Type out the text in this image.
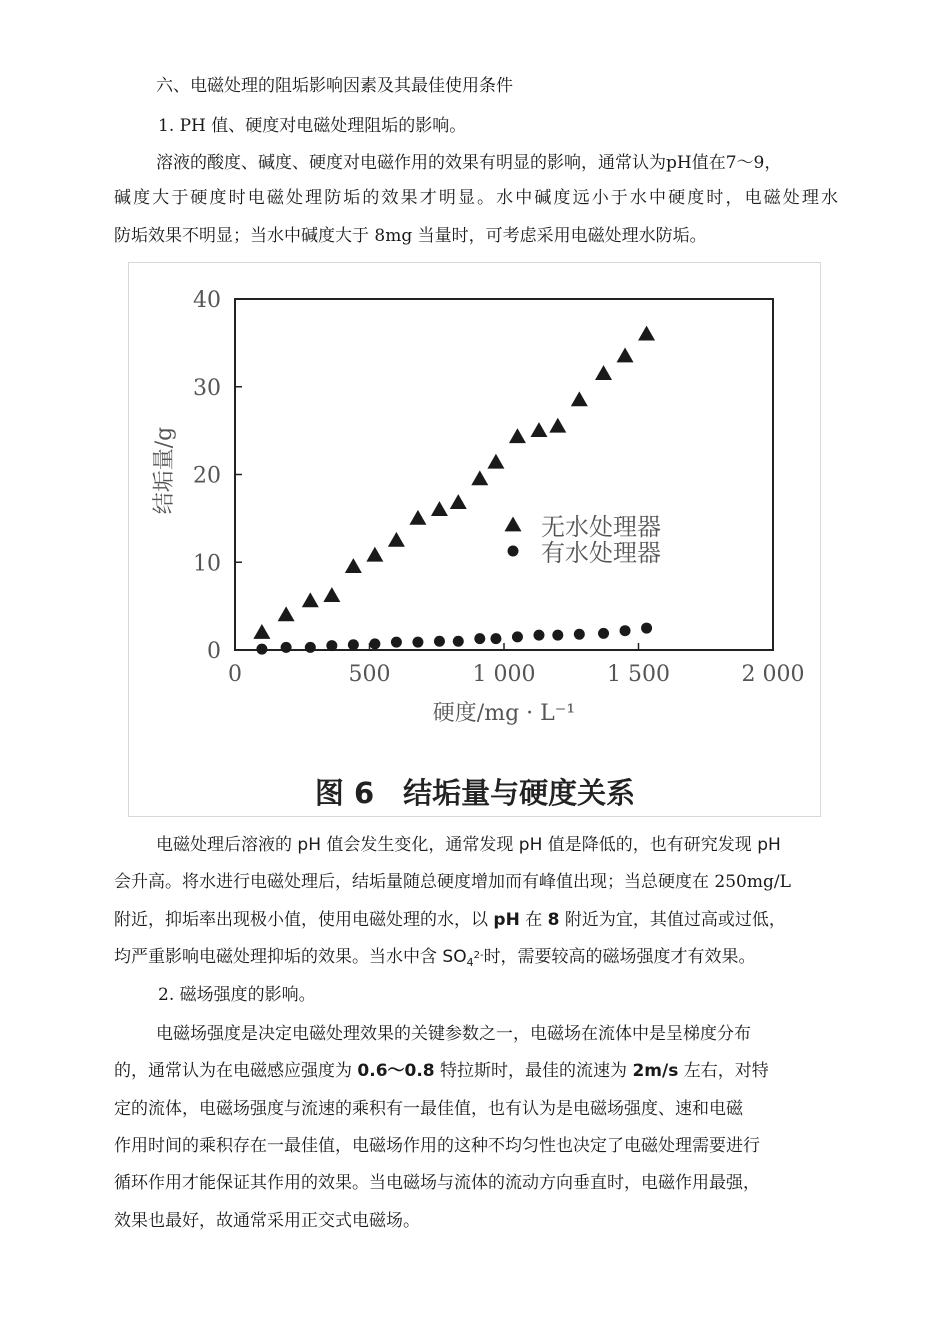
六、电磁处理的阻垢影响因素及其最佳使用条件
1. PH 值、硬度对电磁处理阻垢的影响。
溶液的酸度、碱度、硬度对电磁作用的效果有明显的影响，通常认为pH值在7～9，
碱度大于硬度时电磁处理防垢的效果才明显。水中碱度远小于水中硬度时，电磁处理水
防垢效果不明显；当水中碱度大于 8mg 当量时，可考虑采用电磁处理水防垢。
0	500	1 000	1 500	2 000
0
10
20
30
40
硬度/mg · L⁻¹
结垢量/g
无水处理器
有水处理器
图 6　结垢量与硬度关系
电磁处理后溶液的 pH 值会发生变化，通常发现 pH 值是降低的，也有研究发现 pH
会升高。将水进行电磁处理后，结垢量随总硬度增加而有峰值出现；当总硬度在 250mg/L
附近，抑垢率出现极小值，使用电磁处理的水，以 pH 在 8 附近为宜，其值过高或过低，
均严重影响电磁处理抑垢的效果。当水中含 $SO_4^{2-}$时，需要较高的磁场强度才有效果。
2. 磁场强度的影响。
电磁场强度是决定电磁处理效果的关键参数之一，电磁场在流体中是呈梯度分布
的，通常认为在电磁感应强度为 0.6～0.8 特拉斯时，最佳的流速为 2m/s 左右，对特
定的流体，电磁场强度与流速的乘积有一最佳值，也有认为是电磁场强度、速和电磁
作用时间的乘积存在一最佳值，电磁场作用的这种不均匀性也决定了电磁处理需要进行
循环作用才能保证其作用的效果。当电磁场与流体的流动方向垂直时，电磁作用最强，
效果也最好，故通常采用正交式电磁场。
